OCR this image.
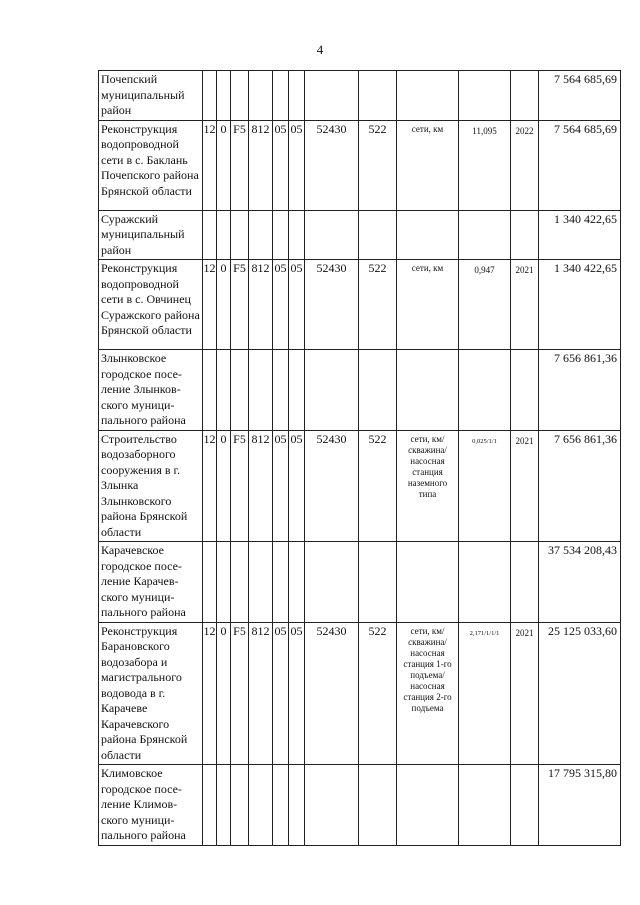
4
Почепский муниципальный район												7 564 685,69
Реконструкция водопроводной сети в с. Баклань Почепского района Брянской области	12	0	F5	812	05	05	52430	522	сети, км	11,095	2022	7 564 685,69
Суражский муниципальный район												1 340 422,65
Реконструкция водопроводной сети в с. Овчинец Суражского района Брянской области	12	0	F5	812	05	05	52430	522	сети, км	0,947	2021	1 340 422,65
Злынковское городское посе-ление Злынков-ского муници-пального района												7 656 861,36
Строительство водозаборного сооружения в г. Злынка Злынковского района Брянской области	12	0	F5	812	05	05	52430	522	сети, км/ скважина/ насосная станция наземного типа	0,025/1/1	2021	7 656 861,36
Карачевское городское посе-ление Карачев-ского муници-пального района												37 534 208,43
Реконструкция Барановского водозабора и магистрального водовода в г. Карачеве Карачевского района Брянской области	12	0	F5	812	05	05	52430	522	сети, км/ скважина/ насосная станция 1-го подъема/ насосная станция 2-го подъема	2,171/1/1/1	2021	25 125 033,60
Климовское городское посе-ление Климов-ского муници-пального района												17 795 315,80
